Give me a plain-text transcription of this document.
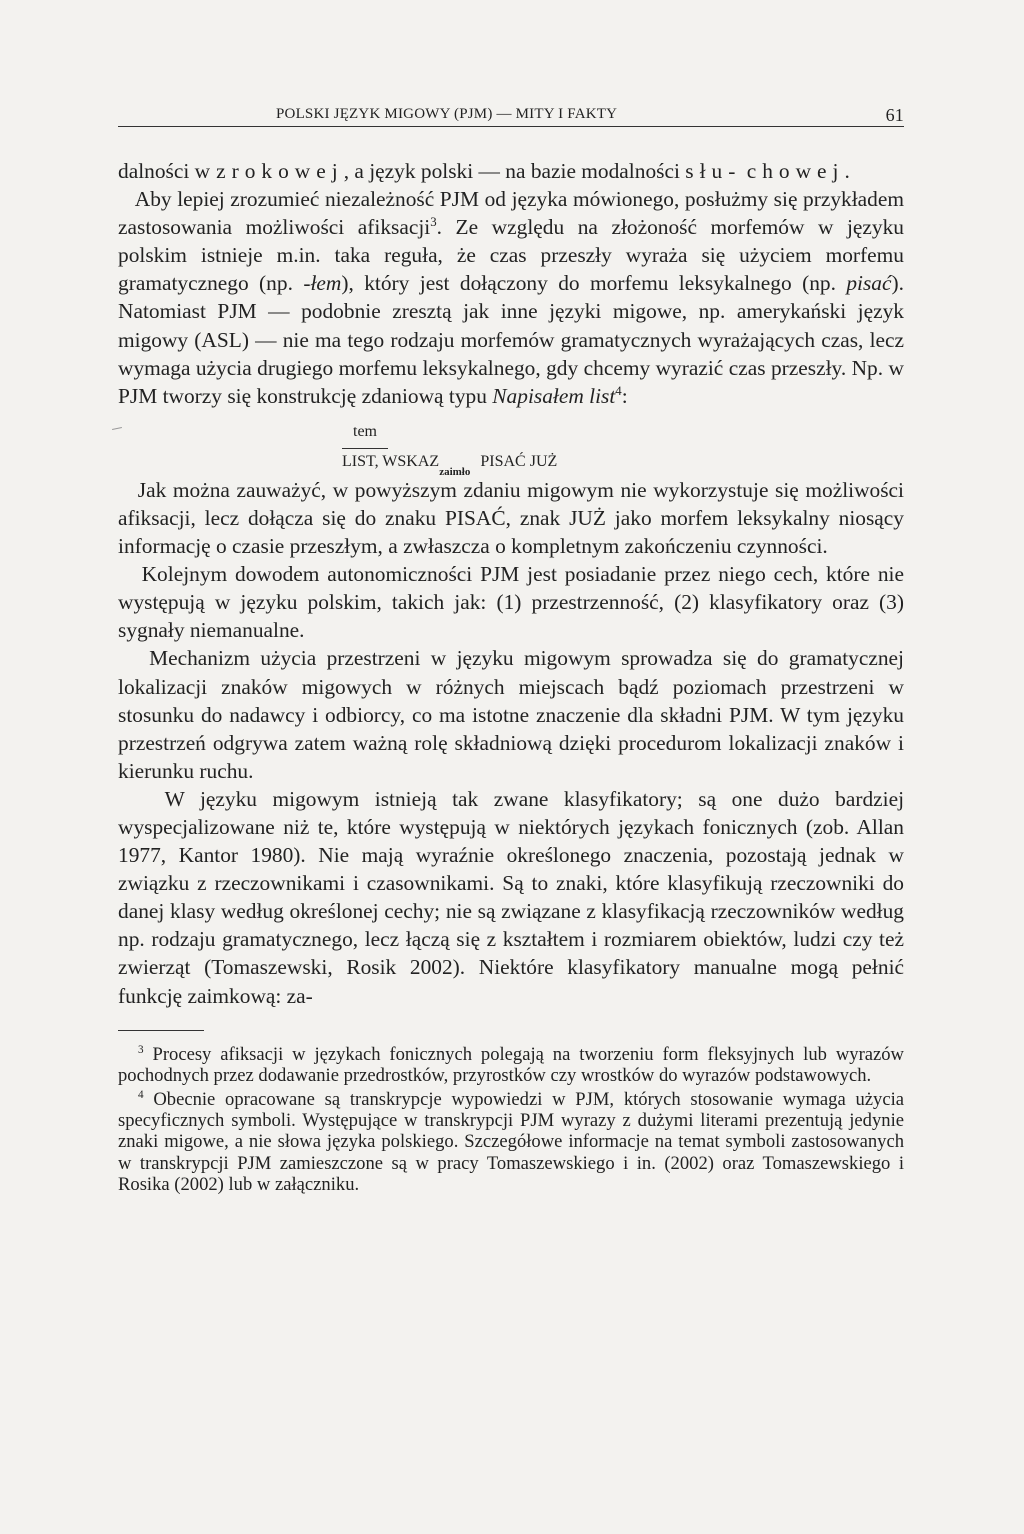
POLSKI JĘZYK MIGOWY (PJM) — MITY I FAKTY	61

dalności wzrokowej, a język polski — na bazie modalności słu- chowej.

Aby lepiej zrozumieć niezależność PJM od języka mówionego, posłużmy się przykładem zastosowania możliwości afiksacji$^3$. Ze względu na złożoność morfemów w języku polskim istnieje m.in. taka reguła, że czas przeszły wyraża się użyciem morfemu gramatycznego (np. -łem), który jest dołączony do morfemu leksykalnego (np. pisać). Natomiast PJM — podobnie zresztą jak inne języki migowe, np. amerykański język migowy (ASL) — nie ma tego rodzaju morfemów gramatycznych wyrażających czas, lecz wymaga użycia drugiego morfemu leksykalnego, gdy chcemy wyrazić czas przeszły. Np. w PJM tworzy się konstrukcję zdaniową typu Napisałem list$^4$:

tem
LIST, $WSKAZ_{zaimło}$ PISAĆ JUŻ

Jak można zauważyć, w powyższym zdaniu migowym nie wykorzystuje się możliwości afiksacji, lecz dołącza się do znaku PISAĆ, znak JUŻ jako morfem leksykalny niosący informację o czasie przeszłym, a zwłaszcza o kompletnym zakończeniu czynności.

Kolejnym dowodem autonomiczności PJM jest posiadanie przez niego cech, które nie występują w języku polskim, takich jak: (1) przestrzenność, (2) klasyfikatory oraz (3) sygnały niemanualne.

Mechanizm użycia przestrzeni w języku migowym sprowadza się do gramatycznej lokalizacji znaków migowych w różnych miejscach bądź poziomach przestrzeni w stosunku do nadawcy i odbiorcy, co ma istotne znaczenie dla składni PJM. W tym języku przestrzeń odgrywa zatem ważną rolę składniową dzięki procedurom lokalizacji znaków i kierunku ruchu.

W języku migowym istnieją tak zwane klasyfikatory; są one dużo bardziej wyspecjalizowane niż te, które występują w niektórych językach fonicznych (zob. Allan 1977, Kantor 1980). Nie mają wyraźnie określonego znaczenia, pozostają jednak w związku z rzeczownikami i czasownikami. Są to znaki, które klasyfikują rzeczowniki do danej klasy według określonej cechy; nie są związane z klasyfikacją rzeczowników według np. rodzaju gramatycznego, lecz łączą się z kształtem i rozmiarem obiektów, ludzi czy też zwierząt (Tomaszewski, Rosik 2002). Niektóre klasyfikatory manualne mogą pełnić funkcję zaimkową: za-

$^3$ Procesy afiksacji w językach fonicznych polegają na tworzeniu form fleksyjnych lub wyrazów pochodnych przez dodawanie przedrostków, przyrostków czy wrostków do wyrazów podstawowych.

$^4$ Obecnie opracowane są transkrypcje wypowiedzi w PJM, których stosowanie wymaga użycia specyficznych symboli. Występujące w transkrypcji PJM wyrazy z dużymi literami prezentują jedynie znaki migowe, a nie słowa języka polskiego. Szczegółowe informacje na temat symboli zastosowanych w transkrypcji PJM zamieszczone są w pracy Tomaszewskiego i in. (2002) oraz Tomaszewskiego i Rosika (2002) lub w załączniku.
